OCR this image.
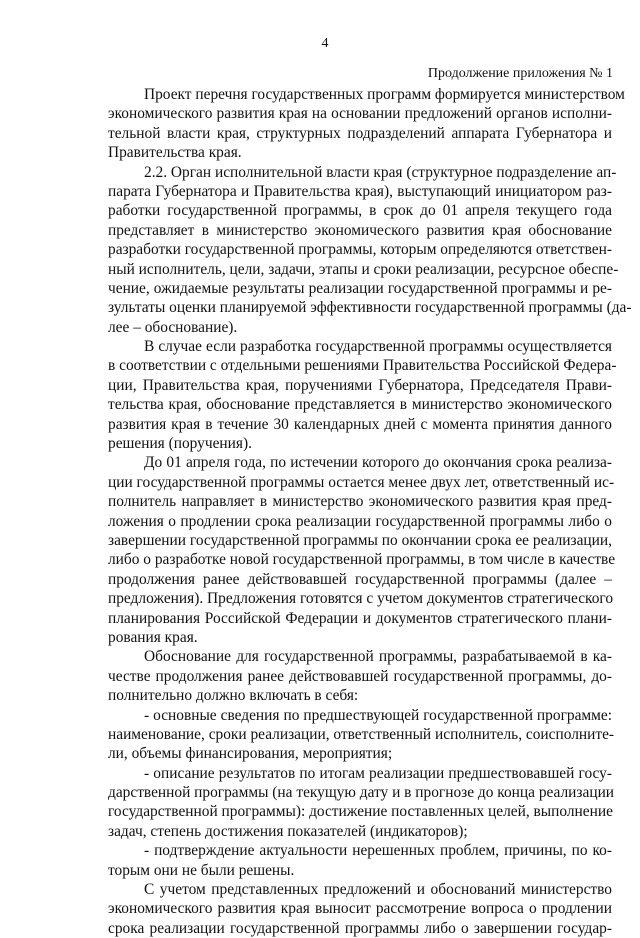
4
Продолжение приложения № 1
Проект перечня государственных программ формируется министерством
экономического развития края на основании предложений органов исполни-
тельной власти края, структурных подразделений аппарата Губернатора и
Правительства края.
2.2. Орган исполнительной власти края (структурное подразделение ап-
парата Губернатора и Правительства края), выступающий инициатором раз-
работки государственной программы, в срок до 01 апреля текущего года
представляет в министерство экономического развития края обоснование
разработки государственной программы, которым определяются ответствен-
ный исполнитель, цели, задачи, этапы и сроки реализации, ресурсное обеспе-
чение, ожидаемые результаты реализации государственной программы и ре-
зультаты оценки планируемой эффективности государственной программы (да-
лее – обоснование).
В случае если разработка государственной программы осуществляется
в соответствии с отдельными решениями Правительства Российской Федера-
ции, Правительства края, поручениями Губернатора, Председателя Прави-
тельства края, обоснование представляется в министерство экономического
развития края в течение 30 календарных дней с момента принятия данного
решения (поручения).
До 01 апреля года, по истечении которого до окончания срока реализа-
ции государственной программы остается менее двух лет, ответственный ис-
полнитель направляет в министерство экономического развития края пред-
ложения о продлении срока реализации государственной программы либо о
завершении государственной программы по окончании срока ее реализации,
либо о разработке новой государственной программы, в том числе в качестве
продолжения ранее действовавшей государственной программы (далее –
предложения). Предложения готовятся с учетом документов стратегического
планирования Российской Федерации и документов стратегического плани-
рования края.
Обоснование для государственной программы, разрабатываемой в ка-
честве продолжения ранее действовавшей государственной программы, до-
полнительно должно включать в себя:
- основные сведения по предшествующей государственной программе:
наименование, сроки реализации, ответственный исполнитель, соисполните-
ли, объемы финансирования, мероприятия;
- описание результатов по итогам реализации предшествовавшей госу-
дарственной программы (на текущую дату и в прогнозе до конца реализации
государственной программы): достижение поставленных целей, выполнение
задач, степень достижения показателей (индикаторов);
- подтверждение актуальности нерешенных проблем, причины, по ко-
торым они не были решены.
С учетом представленных предложений и обоснований министерство
экономического развития края выносит рассмотрение вопроса о продлении
срока реализации государственной программы либо о завершении государ-
